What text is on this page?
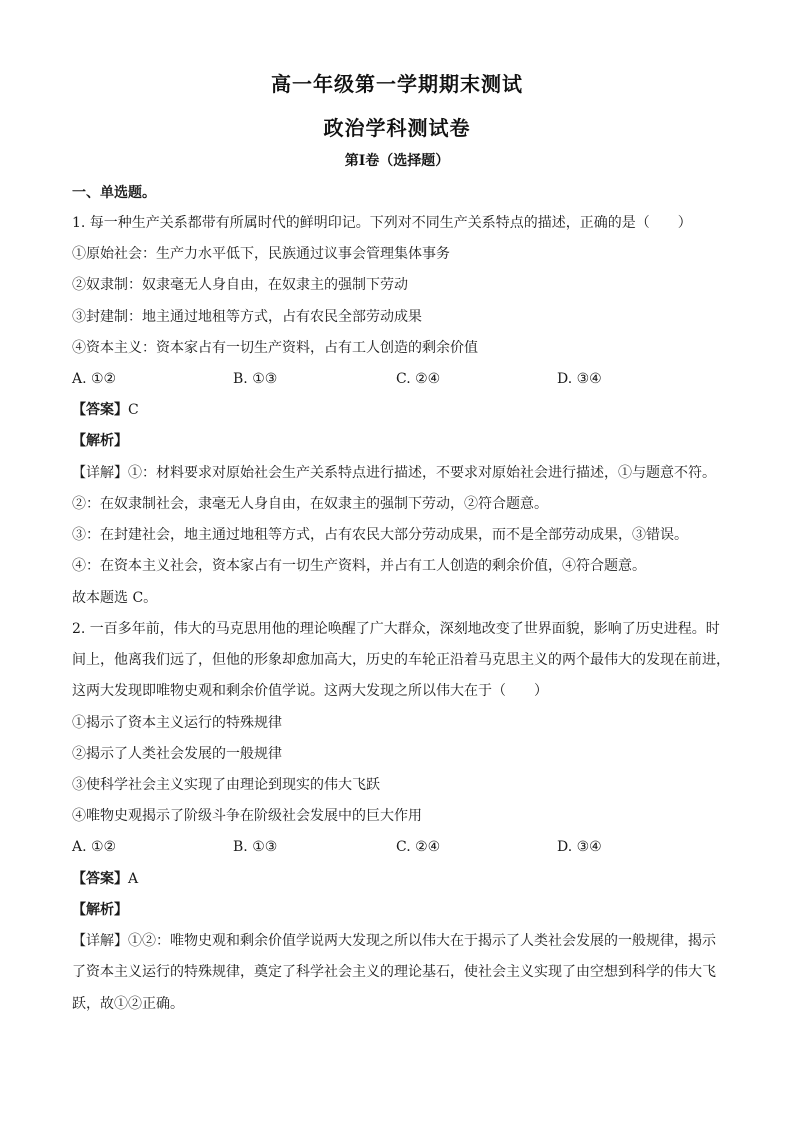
高一年级第一学期期末测试
政治学科测试卷
第Ⅰ卷（选择题）
一、单选题。
1. 每一种生产关系都带有所属时代的鲜明印记。下列对不同生产关系特点的描述，正确的是（　　）
①原始社会：生产力水平低下，民族通过议事会管理集体事务
②奴隶制：奴隶毫无人身自由，在奴隶主的强制下劳动
③封建制：地主通过地租等方式，占有农民全部劳动成果
④资本主义：资本家占有一切生产资料，占有工人创造的剩余价值
A. ①②	B. ①③	C. ②④	D. ③④
【答案】C
【解析】
【详解】①：材料要求对原始社会生产关系特点进行描述，不要求对原始社会进行描述，①与题意不符。
②：在奴隶制社会，隶毫无人身自由，在奴隶主的强制下劳动，②符合题意。
③：在封建社会，地主通过地租等方式，占有农民大部分劳动成果，而不是全部劳动成果，③错误。
④：在资本主义社会，资本家占有一切生产资料，并占有工人创造的剩余价值，④符合题意。
故本题选 C。
2. 一百多年前，伟大的马克思用他的理论唤醒了广大群众，深刻地改变了世界面貌，影响了历史进程。时
间上，他离我们远了，但他的形象却愈加高大，历史的车轮正沿着马克思主义的两个最伟大的发现在前进，
这两大发现即唯物史观和剩余价值学说。这两大发现之所以伟大在于（　　）
①揭示了资本主义运行的特殊规律
②揭示了人类社会发展的一般规律
③使科学社会主义实现了由理论到现实的伟大飞跃
④唯物史观揭示了阶级斗争在阶级社会发展中的巨大作用
A. ①②	B. ①③	C. ②④	D. ③④
【答案】A
【解析】
【详解】①②：唯物史观和剩余价值学说两大发现之所以伟大在于揭示了人类社会发展的一般规律，揭示
了资本主义运行的特殊规律，奠定了科学社会主义的理论基石，使社会主义实现了由空想到科学的伟大飞
跃，故①②正确。
